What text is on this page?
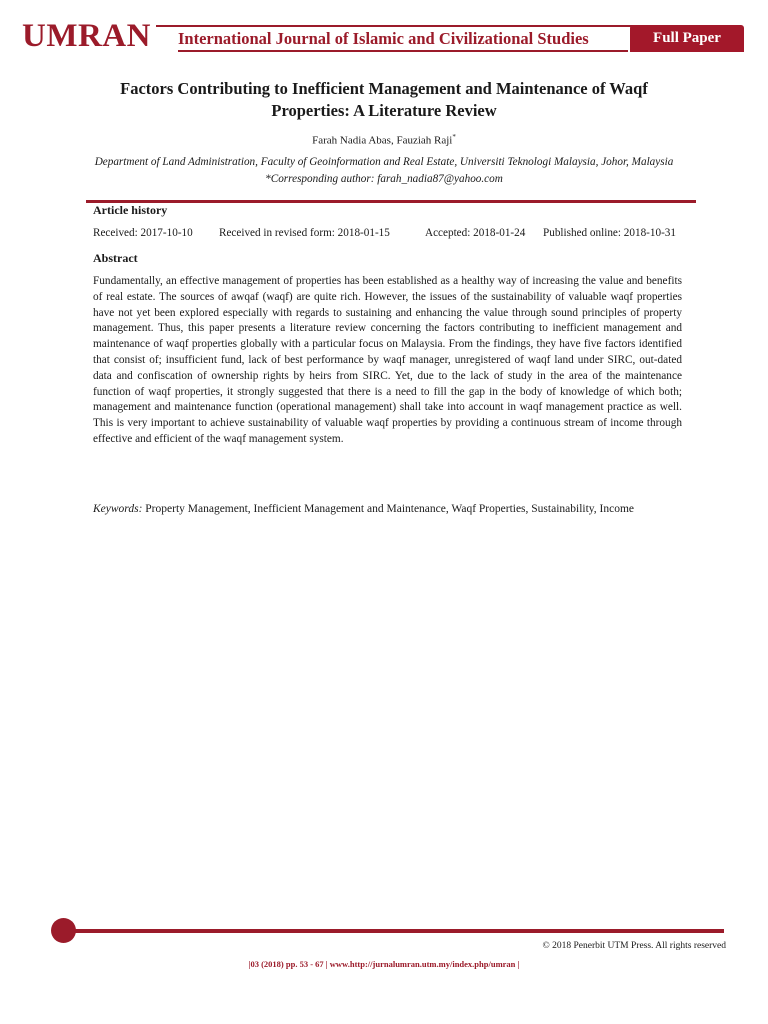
UMRAN International Journal of Islamic and Civilizational Studies	Full Paper
Factors Contributing to Inefficient Management and Maintenance of Waqf Properties: A Literature Review
Farah Nadia Abas, Fauziah Raji*
Department of Land Administration, Faculty of Geoinformation and Real Estate, Universiti Teknologi Malaysia, Johor, Malaysia
*Corresponding author: farah_nadia87@yahoo.com
Article history
Received: 2017-10-10 Received in revised form: 2018-01-15	Accepted: 2018-01-24 Published online: 2018-10-31
Abstract
Fundamentally, an effective management of properties has been established as a healthy way of increasing the value and benefits of real estate. The sources of awqaf (waqf) are quite rich. However, the issues of the sustainability of valuable waqf properties have not yet been explored especially with regards to sustaining and enhancing the value through sound principles of property management. Thus, this paper presents a literature review concerning the factors contributing to inefficient management and maintenance of waqf properties globally with a particular focus on Malaysia. From the findings, they have five factors identified that consist of; insufficient fund, lack of best performance by waqf manager, unregistered of waqf land under SIRC, out-dated data and confiscation of ownership rights by heirs from SIRC. Yet, due to the lack of study in the area of the maintenance function of waqf properties, it strongly suggested that there is a need to fill the gap in the body of knowledge of which both; management and maintenance function (operational management) shall take into account in waqf management practice as well. This is very important to achieve sustainability of valuable waqf properties by providing a continuous stream of income through effective and efficient of the waqf management system.
Keywords: Property Management, Inefficient Management and Maintenance, Waqf Properties, Sustainability, Income
© 2018 Penerbit UTM Press. All rights reserved
|03 (2018) pp. 53 - 67 | www.http://jurnalumran.utm.my/index.php/umran |
